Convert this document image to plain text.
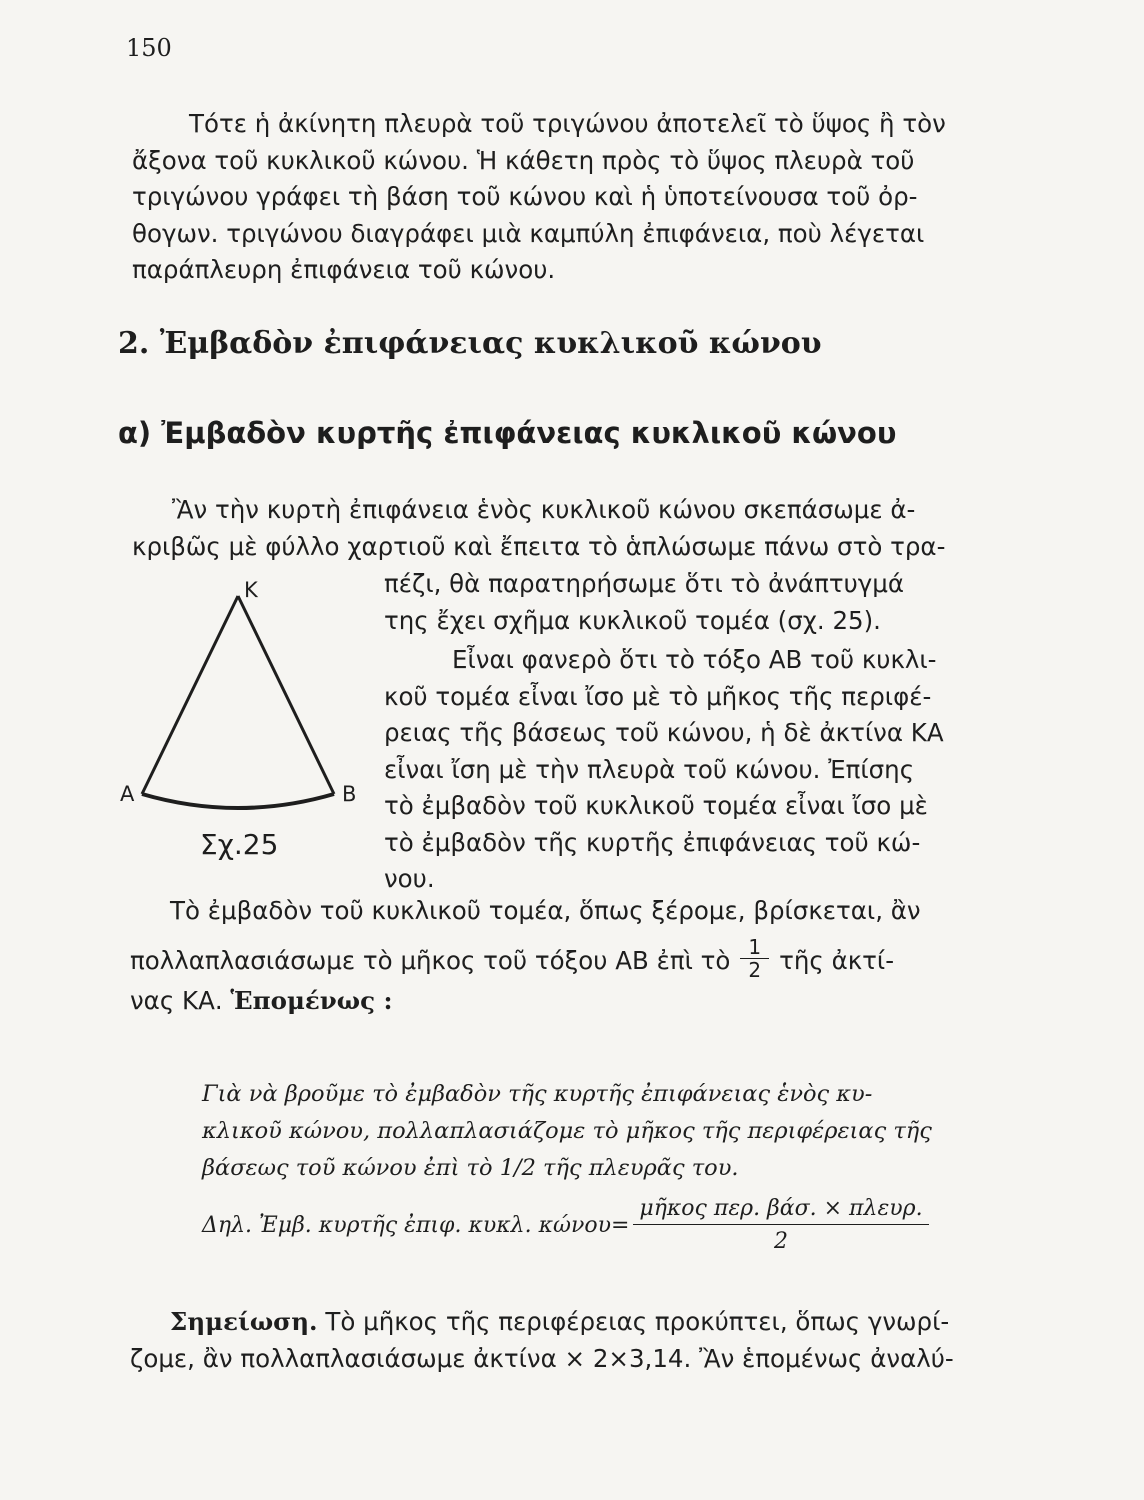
150
Τότε ἡ ἀκίνητη πλευρὰ τοῦ τριγώνου ἀποτελεῖ τὸ ὕψος ἢ τὸν
ἄξονα τοῦ κυκλικοῦ κώνου. Ἡ κάθετη πρὸς τὸ ὕψος πλευρὰ τοῦ
τριγώνου γράφει τὴ βάση τοῦ κώνου καὶ ἡ ὑποτείνουσα τοῦ ὀρ-
θογων. τριγώνου διαγράφει μιὰ καμπύλη ἐπιφάνεια, ποὺ λέγεται
παράπλευρη ἐπιφάνεια τοῦ κώνου.
2. Ἐμβαδὸν ἐπιφάνειας κυκλικοῦ κώνου
α) Ἐμβαδὸν κυρτῆς ἐπιφάνειας κυκλικοῦ κώνου
Ἂν τὴν κυρτὴ ἐπιφάνεια ἑνὸς κυκλικοῦ κώνου σκεπάσωμε ἀ-
κριβῶς μὲ φύλλο χαρτιοῦ καὶ ἔπειτα τὸ ἁπλώσωμε πάνω στὸ τρα-
πέζι, θὰ παρατηρήσωμε ὅτι τὸ ἀνάπτυγμά
της ἔχει σχῆμα κυκλικοῦ τομέα (σχ. 25).
Εἶναι φανερὸ ὅτι τὸ τόξο ΑΒ τοῦ κυκλι-
κοῦ τομέα εἶναι ἴσο μὲ τὸ μῆκος τῆς περιφέ-
ρειας τῆς βάσεως τοῦ κώνου, ἡ δὲ ἀκτίνα ΚΑ
εἶναι ἴση μὲ τὴν πλευρὰ τοῦ κώνου. Ἐπίσης
τὸ ἐμβαδὸν τοῦ κυκλικοῦ τομέα εἶναι ἴσο μὲ
τὸ ἐμβαδὸν τῆς κυρτῆς ἐπιφάνειας τοῦ κώ-
νου.
Κ
Α	Β
Σχ.25
Τὸ ἐμβαδὸν τοῦ κυκλικοῦ τομέα, ὅπως ξέρομε, βρίσκεται, ἂν
πολλαπλασιάσωμε τὸ μῆκος τοῦ τόξου ΑΒ ἐπὶ τὸ $\frac{1}{2}$ τῆς ἀκτί-
νας ΚΑ. Ἑπομένως :
Γιὰ νὰ βροῦμε τὸ ἐμβαδὸν τῆς κυρτῆς ἐπιφάνειας ἑνὸς κυ-
κλικοῦ κώνου, πολλαπλασιάζομε τὸ μῆκος τῆς περιφέρειας τῆς
βάσεως τοῦ κώνου ἐπὶ τὸ 1/2 τῆς πλευρᾶς του.
Δηλ. Ἐμβ. κυρτῆς ἐπιφ. κυκλ. $\kappa ώ\nu o\upsilon= \frac{\text{μῆκος περ. βάσ. × πλευρ.}}{2}$
Σημείωση. Τὸ μῆκος τῆς περιφέρειας προκύπτει, ὅπως γνωρί-
ζομε, ἂν πολλαπλασιάσωμε ἀκτίνα × 2×3,14. Ἂν ἑπομένως ἀναλύ-
